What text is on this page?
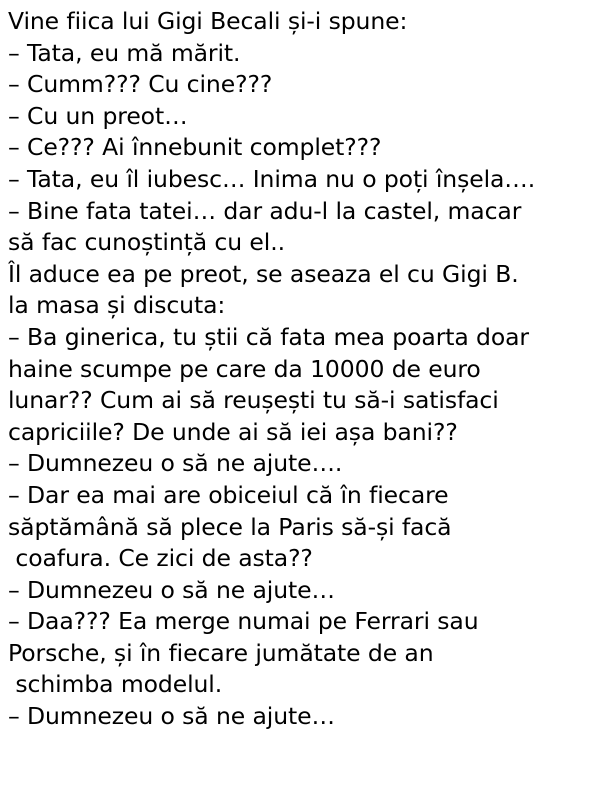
Vine fiica lui Gigi Becali și-i spune:
– Tata, eu mă mărit.
– Cumm??? Cu cine???
– Cu un preot…
– Ce??? Ai înnebunit complet???
– Tata, eu îl iubesc… Inima nu o poți înșela….
– Bine fata tatei… dar adu-l la castel, macar
să fac cunoștință cu el..
Îl aduce ea pe preot, se aseaza el cu Gigi B.
la masa și discuta:
– Ba ginerica, tu știi că fata mea poarta doar
haine scumpe pe care da 10000 de euro
lunar?? Cum ai să reușești tu să-i satisfaci
capriciile? De unde ai să iei așa bani??
– Dumnezeu o să ne ajute….
– Dar ea mai are obiceiul că în fiecare
săptămână să plece la Paris să-și facă
coafura. Ce zici de asta??
– Dumnezeu o să ne ajute…
– Daa??? Ea merge numai pe Ferrari sau
Porsche, și în fiecare jumătate de an
schimba modelul.
– Dumnezeu o să ne ajute…
